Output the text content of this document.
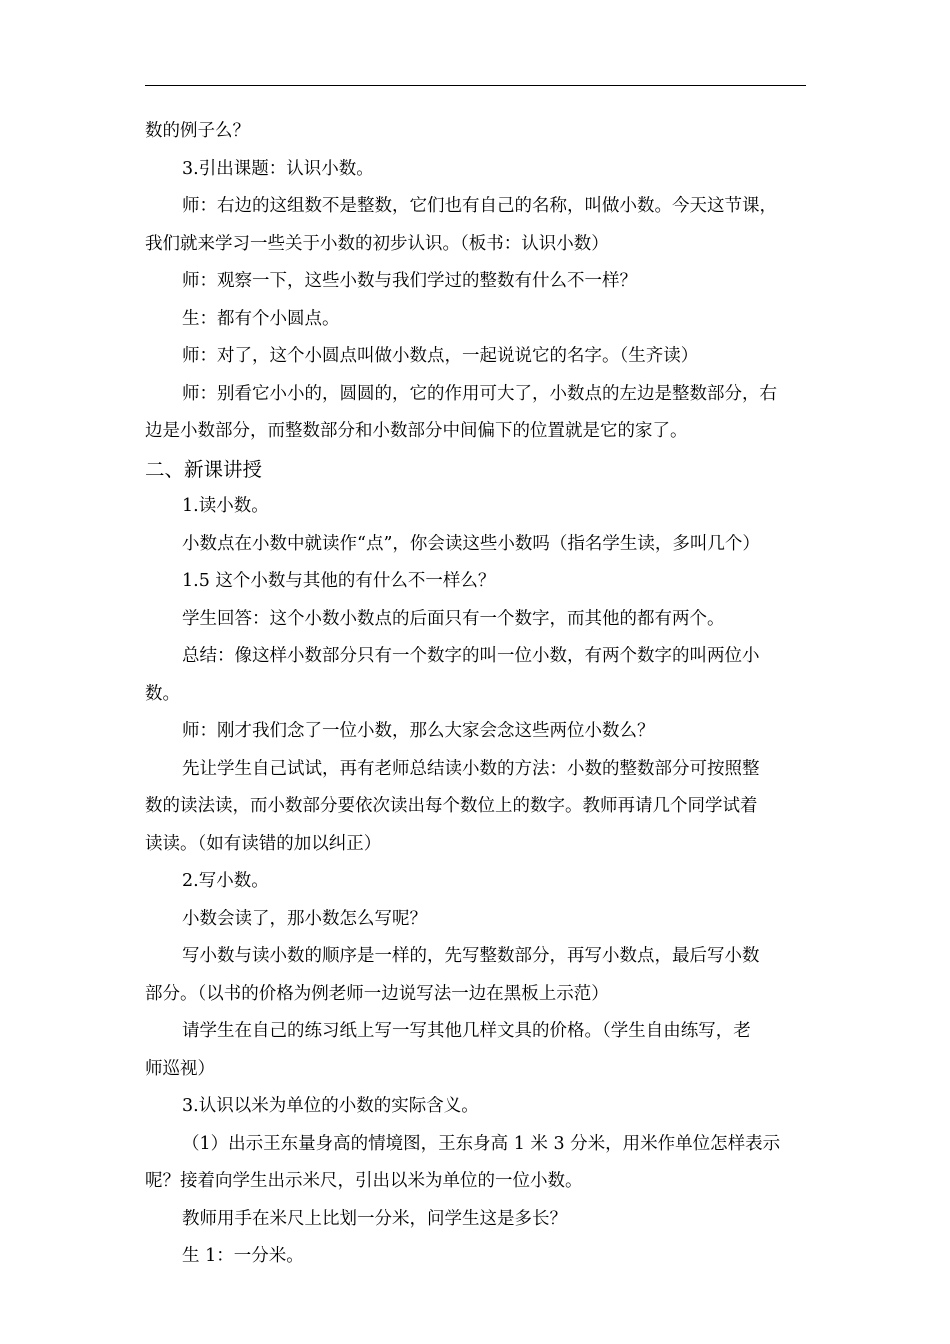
数的例子么？
3.引出课题：认识小数。
师：右边的这组数不是整数，它们也有自己的名称，叫做小数。今天这节课，
我们就来学习一些关于小数的初步认识。（板书：认识小数）
师：观察一下，这些小数与我们学过的整数有什么不一样？
生：都有个小圆点。
师：对了，这个小圆点叫做小数点，一起说说它的名字。（生齐读）
师：别看它小小的，圆圆的，它的作用可大了，小数点的左边是整数部分，右
边是小数部分，而整数部分和小数部分中间偏下的位置就是它的家了。
二、新课讲授
1.读小数。
小数点在小数中就读作“点”，你会读这些小数吗（指名学生读，多叫几个）
1.5 这个小数与其他的有什么不一样么？
学生回答：这个小数小数点的后面只有一个数字，而其他的都有两个。
总结：像这样小数部分只有一个数字的叫一位小数，有两个数字的叫两位小
数。
师：刚才我们念了一位小数，那么大家会念这些两位小数么？
先让学生自己试试，再有老师总结读小数的方法：小数的整数部分可按照整
数的读法读，而小数部分要依次读出每个数位上的数字。教师再请几个同学试着
读读。（如有读错的加以纠正）
2.写小数。
小数会读了，那小数怎么写呢？
写小数与读小数的顺序是一样的，先写整数部分，再写小数点，最后写小数
部分。（以书的价格为例老师一边说写法一边在黑板上示范）
请学生在自己的练习纸上写一写其他几样文具的价格。（学生自由练写，老
师巡视）
3.认识以米为单位的小数的实际含义。
（1）出示王东量身高的情境图，王东身高 1 米 3 分米，用米作单位怎样表示
呢？接着向学生出示米尺，引出以米为单位的一位小数。
教师用手在米尺上比划一分米，问学生这是多长？
生 1：一分米。
